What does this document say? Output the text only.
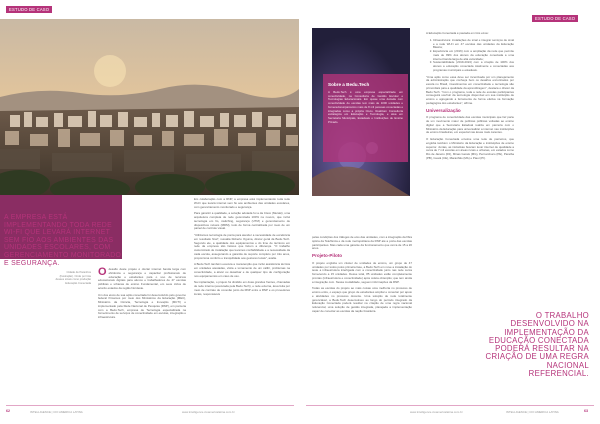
ESTUDO DE CASO
A EMPRESA ESTÁ IMPLEMENTANDO TODA REDE WI-FI QUE LEVARÁ INTERNET SEM FIO AOS AMBIENTES DAS UNIDADES ESCOLARES, COM GERENCIAMENTO MONITORADO E SEGURANÇA.
Cidade de Paranhos (Ilustração). Onde por trás desses sinais como produção Educação Conectada

Odesafio deste projeto é ofertar internet banda larga com eficiência e segurança e capacitar profissionais de educação e estudantes para o uso de recursos educacionais digitais para alunos e trabalhadores de 47 escolas públicas e urbanas de ensino Fundamental, em seus ciclos de acordo estados da região Nordeste.

Um dos eixos de sua ação conectada foi desenvolvido pelo governo federal firmamos por meio dos Ministérios da Educação (MEC), Ministério da Ciência, Tecnologia e Inovação (MCTI) e implementado pela Rede Nacional de Pesquisa (RNP), em parceria com a Bedu.Tech, empresa de Tecnologia especializada na fornecimento de serviços de conectividade em escolas, integração e infraestrutura.

Em colaboração com a RNP, a empresa está implementando toda rede Wi-Fi que levará internet sem fio aos ambientes das unidades escolares, com gerenciamento monitorado e segurança.

Para garantir a qualidade, a solução adotada foi a da Cisco (Meraki), uma arquitetura completa de rede gerenciada 100% na nuvem, que inclui tecnologia em fio, switching, segurança (UTM) e gerenciamento de dispositivos móveis (MDM), tudo de forma centralizada por meio de um painel de controle visual.

"Utilizamos tecnologia de ponta para atender a necessidade de excelência em resultado final", ressalta Roberto Oguma, diretor geral da Bedu.Tech. Segundo ele, a qualidade dos equipamentos e do time de técnicos em rede da empresa são fatores que fazem a diferença. "O trabalho customizado de instalação que levamos confiabilidade e a necessidade da cada escola, assegurando a garantia de suporte completo por três anos, proporciona conforto e tranquilidade aos gestores locais", avalia.

A Bedu.Tech também executa a manutenção que inclui assistência técnica em unidades atestadas, visita e tomamento de um calibr, problemas na conectividade, a ativar ou desativar e de qualquer tipo de configuração nos equipamentos em caso de uso.

Na implantação, o projeto foi dividido em duas grandes frentes, chamadas de rede interna (executada pela Bedu.Tech), e rede externa, área feita por meio de contrato de conexão junto da RNP entre a RNP e os provedores locais, responsáveis

62	INTELLIGENCE | CIO AMERICA LATINA	www.intelligence.cioamericalatina.com.br
ESTUDO DE CASO
Sobre a Bedu.Tech
A Bedu.Tech é uma empresa especializada em conectividade, na Consultoria de Gestão Escolar e Tecnologias Educacionais. Em quase uma década com conectividade de escolas tem mais de 1000 unidades e fornecedores/parceiros mais de 8 mil pessoas conectadas e integradas como a própria Cisco. Realizam Consultoria estratégica em Educação e Tecnologia, e atua em Secretaria Municipais, Estaduais e Instituições de Ensino Privado.

pelas condições dos tráfegos de eixo das unidades, com a integração da fibra óptica da Telefônica e da rede metropolitana da RNP até a porta das escolas participantes. Mas cada uma garante da funcionamento que cerca de 15 a 20 anos.

Projeto-Piloto

O projeto engloba um cluster de unidades de ensino, um grupo de 47 unidades por todos polos primeira fase, a Bedu.Tech em nove a instalação do teste a infraestrutura interligada com a conectividade junto nas rede cerca fornecendo a 15 unidades. Desse total, 85 unidades estão completamente prontas (infraestrutura e conectividade) após coleta obtenção; que tem ainda a integração com. Nessa modalidade, seguem informações da RNP.

Todas as escolas do projeto ao mais coisas uma melhoria no processo de ensino entre, o espaço que grupo de estudantes ampliar e conectar por apoio e atividades no processo docente. Uma solução de rede totalmente gerenciável, a Bedu.Tech desenvolveu ao longo do período integrado da Educação Conectada poderá resultar na criação de uma regra nacional referencial, uma solução de gestão integrada, planejada a implementação capaz de conectar as escolas da nação brasileira.

A Educação Conectada é pautada em três eixos:

1. Infraestrutura: instalações de sinal e integrar serviços de sinal e a rede Wi-Fi em 47 escolas das unidades da Educação Básica;
2. Experiência em (2016) com a ampliação da rede que permite mais de 99% dos alunos da educação conectada a uma internet banda larga de alta velocidade;
3. Sustentabilidade (2019-2024) com a criação de 100% dos alunos a educação conectada totalmente e conectadas aos programas municipais e estaduais.

"Uma ação como essa deve ser incentivada por um planejamento da administração que conheça bem os desafios encontrados por escola no Brasil, investimentos em conectividade e tecnologia são primordiais para a qualidade da aprendizagem", destaca o diretor da Bedu.Tech. "Com o programa, toda a rede de escolas participantes conseguirá usufruir da tecnologia disponível em sua instituição de ensino e agregando a ferramenta de forma efetiva na formação pedagógica dos estudantes", afirma.

Universalização

O programa de conectividade das escolas municipais que faz parte de um movimento maior de políticas públicas voltadas ao ensino digital que a Secretaria Estadual realiza em parceria com o Ministério da Educação para universalizar a internet nas instituições de ensino brasileiras, em especial nas áreas mais carentes.

O Educação Conectada envolve uma rede de parceiros, que engloba também o Ministério da Educação e instituições de ensino superior. Juntas, as iniciativas buscam levar internet de qualidade a cerca de 7 mil escolas em áreas rurais e urbanas, em estados como Rio de Janeiro (RJ), Minas Gerais (MG), Pernambuco (PE), Paraíba (PB), Ceará (CE), Maranhão (MA) e Piauí (PI).

O TRABALHO DESENVOLVIDO NA IMPLEMENTAÇÃO DA EDUCAÇÃO CONECTADA PODERÁ RESULTAR NA CRIAÇÃO DE UMA REGRA NACIONAL REFERENCIAL.
www.intelligence.cioamericalatina.com.br	INTELLIGENCE | CIO AMERICA LATINA	63
